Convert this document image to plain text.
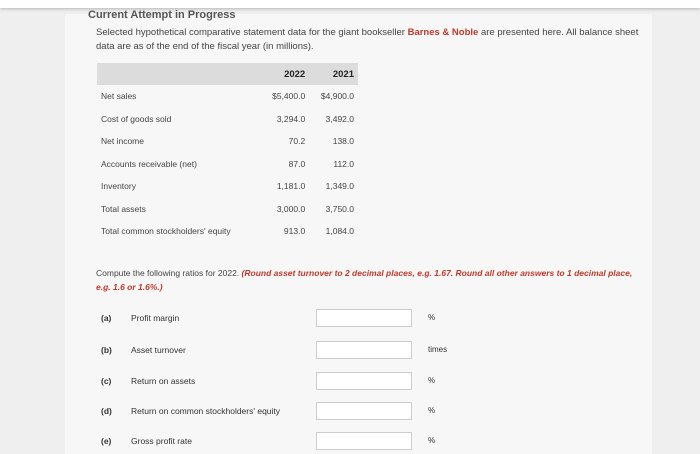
Current Attempt in Progress
Selected hypothetical comparative statement data for the giant bookseller Barnes & Noble are presented here. All balance sheet data are as of the end of the fiscal year (in millions).
	2022	2021
Net sales	$5,400.0	$4,900.0
Cost of goods sold	3,294.0	3,492.0
Net income	70.2	138.0
Accounts receivable (net)	87.0	112.0
Inventory	1,181.0	1,349.0
Total assets	3,000.0	3,750.0
Total common stockholders' equity	913.0	1,084.0
Compute the following ratios for 2022. (Round asset turnover to 2 decimal places, e.g. 1.67. Round all other answers to 1 decimal place, e.g. 1.6 or 1.6%.)
(a) Profit margin	%
(b) Asset turnover	times
(c) Return on assets	%
(d) Return on common stockholders' equity	%
(e) Gross profit rate	%
